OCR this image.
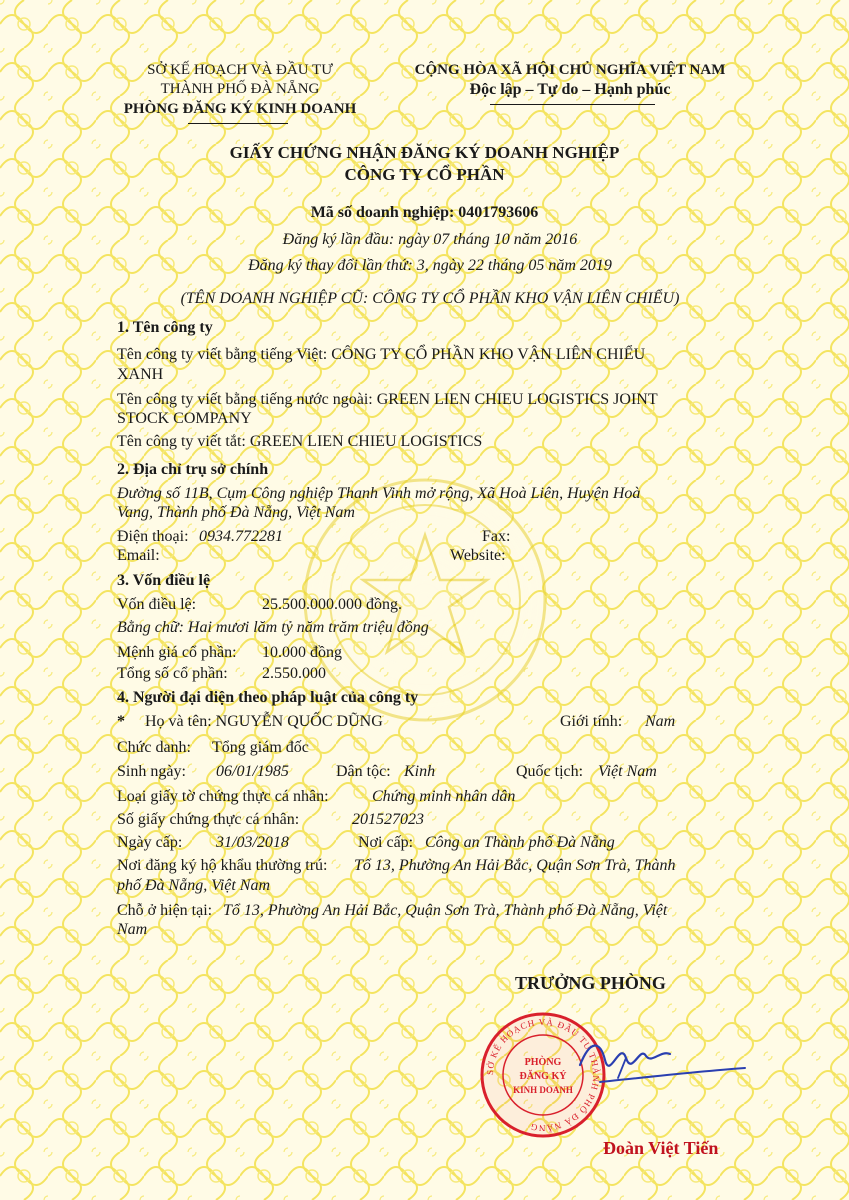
SỞ KẾ HOẠCH VÀ ĐẦU TƯ
THÀNH PHỐ ĐÀ NẴNG
PHÒNG ĐĂNG KÝ KINH DOANH
CỘNG HÒA XÃ HỘI CHỦ NGHĨA VIỆT NAM
Độc lập – Tự do – Hạnh phúc
GIẤY CHỨNG NHẬN ĐĂNG KÝ DOANH NGHIỆP
CÔNG TY CỔ PHẦN
Mã số doanh nghiệp: 0401793606
Đăng ký lần đầu: ngày 07 tháng 10 năm 2016
Đăng ký thay đổi lần thứ: 3, ngày 22 tháng 05 năm 2019
(TÊN DOANH NGHIỆP CŨ: CÔNG TY CỔ PHẦN KHO VẬN LIÊN CHIỂU)
1. Tên công ty
Tên công ty viết bằng tiếng Việt: CÔNG TY CỔ PHẦN KHO VẬN LIÊN CHIỂU
XANH
Tên công ty viết bằng tiếng nước ngoài: GREEN LIEN CHIEU LOGISTICS JOINT
STOCK COMPANY
Tên công ty viết tắt: GREEN LIEN CHIEU LOGISTICS
2. Địa chỉ trụ sở chính
Đường số 11B, Cụm Công nghiệp Thanh Vinh mở rộng, Xã Hoà Liên, Huyện Hoà
Vang, Thành phố Đà Nẵng, Việt Nam
Điện thoại: 0934.772281	Fax:
Email:	Website:
3. Vốn điều lệ
Vốn điều lệ:	25.500.000.000 đồng.
Bằng chữ: Hai mươi lăm tỷ năm trăm triệu đồng
Mệnh giá cổ phần: 10.000 đồng
Tổng số cổ phần: 2.550.000
4. Người đại diện theo pháp luật của công ty
* Họ và tên: NGUYỄN QUỐC DŨNG	Giới tính: Nam
Chức danh: Tổng giám đốc
Sinh ngày: 06/01/1985	Dân tộc: Kinh	Quốc tịch: Việt Nam
Loại giấy tờ chứng thực cá nhân:	Chứng minh nhân dân
Số giấy chứng thực cá nhân:	201527023
Ngày cấp: 31/03/2018	Nơi cấp: Công an Thành phố Đà Nẵng
Nơi đăng ký hộ khẩu thường trú: Tổ 13, Phường An Hải Bắc, Quận Sơn Trà, Thành
phố Đà Nẵng, Việt Nam
Chỗ ở hiện tại: Tổ 13, Phường An Hải Bắc, Quận Sơn Trà, Thành phố Đà Nẵng, Việt
Nam
TRƯỞNG PHÒNG
SỞ KẾ HOẠCH VÀ ĐẦU TƯ THÀNH PHỐ ĐÀ NẴNG
PHÒNG
ĐĂNG KÝ
KINH DOANH
Đoàn Việt Tiến
